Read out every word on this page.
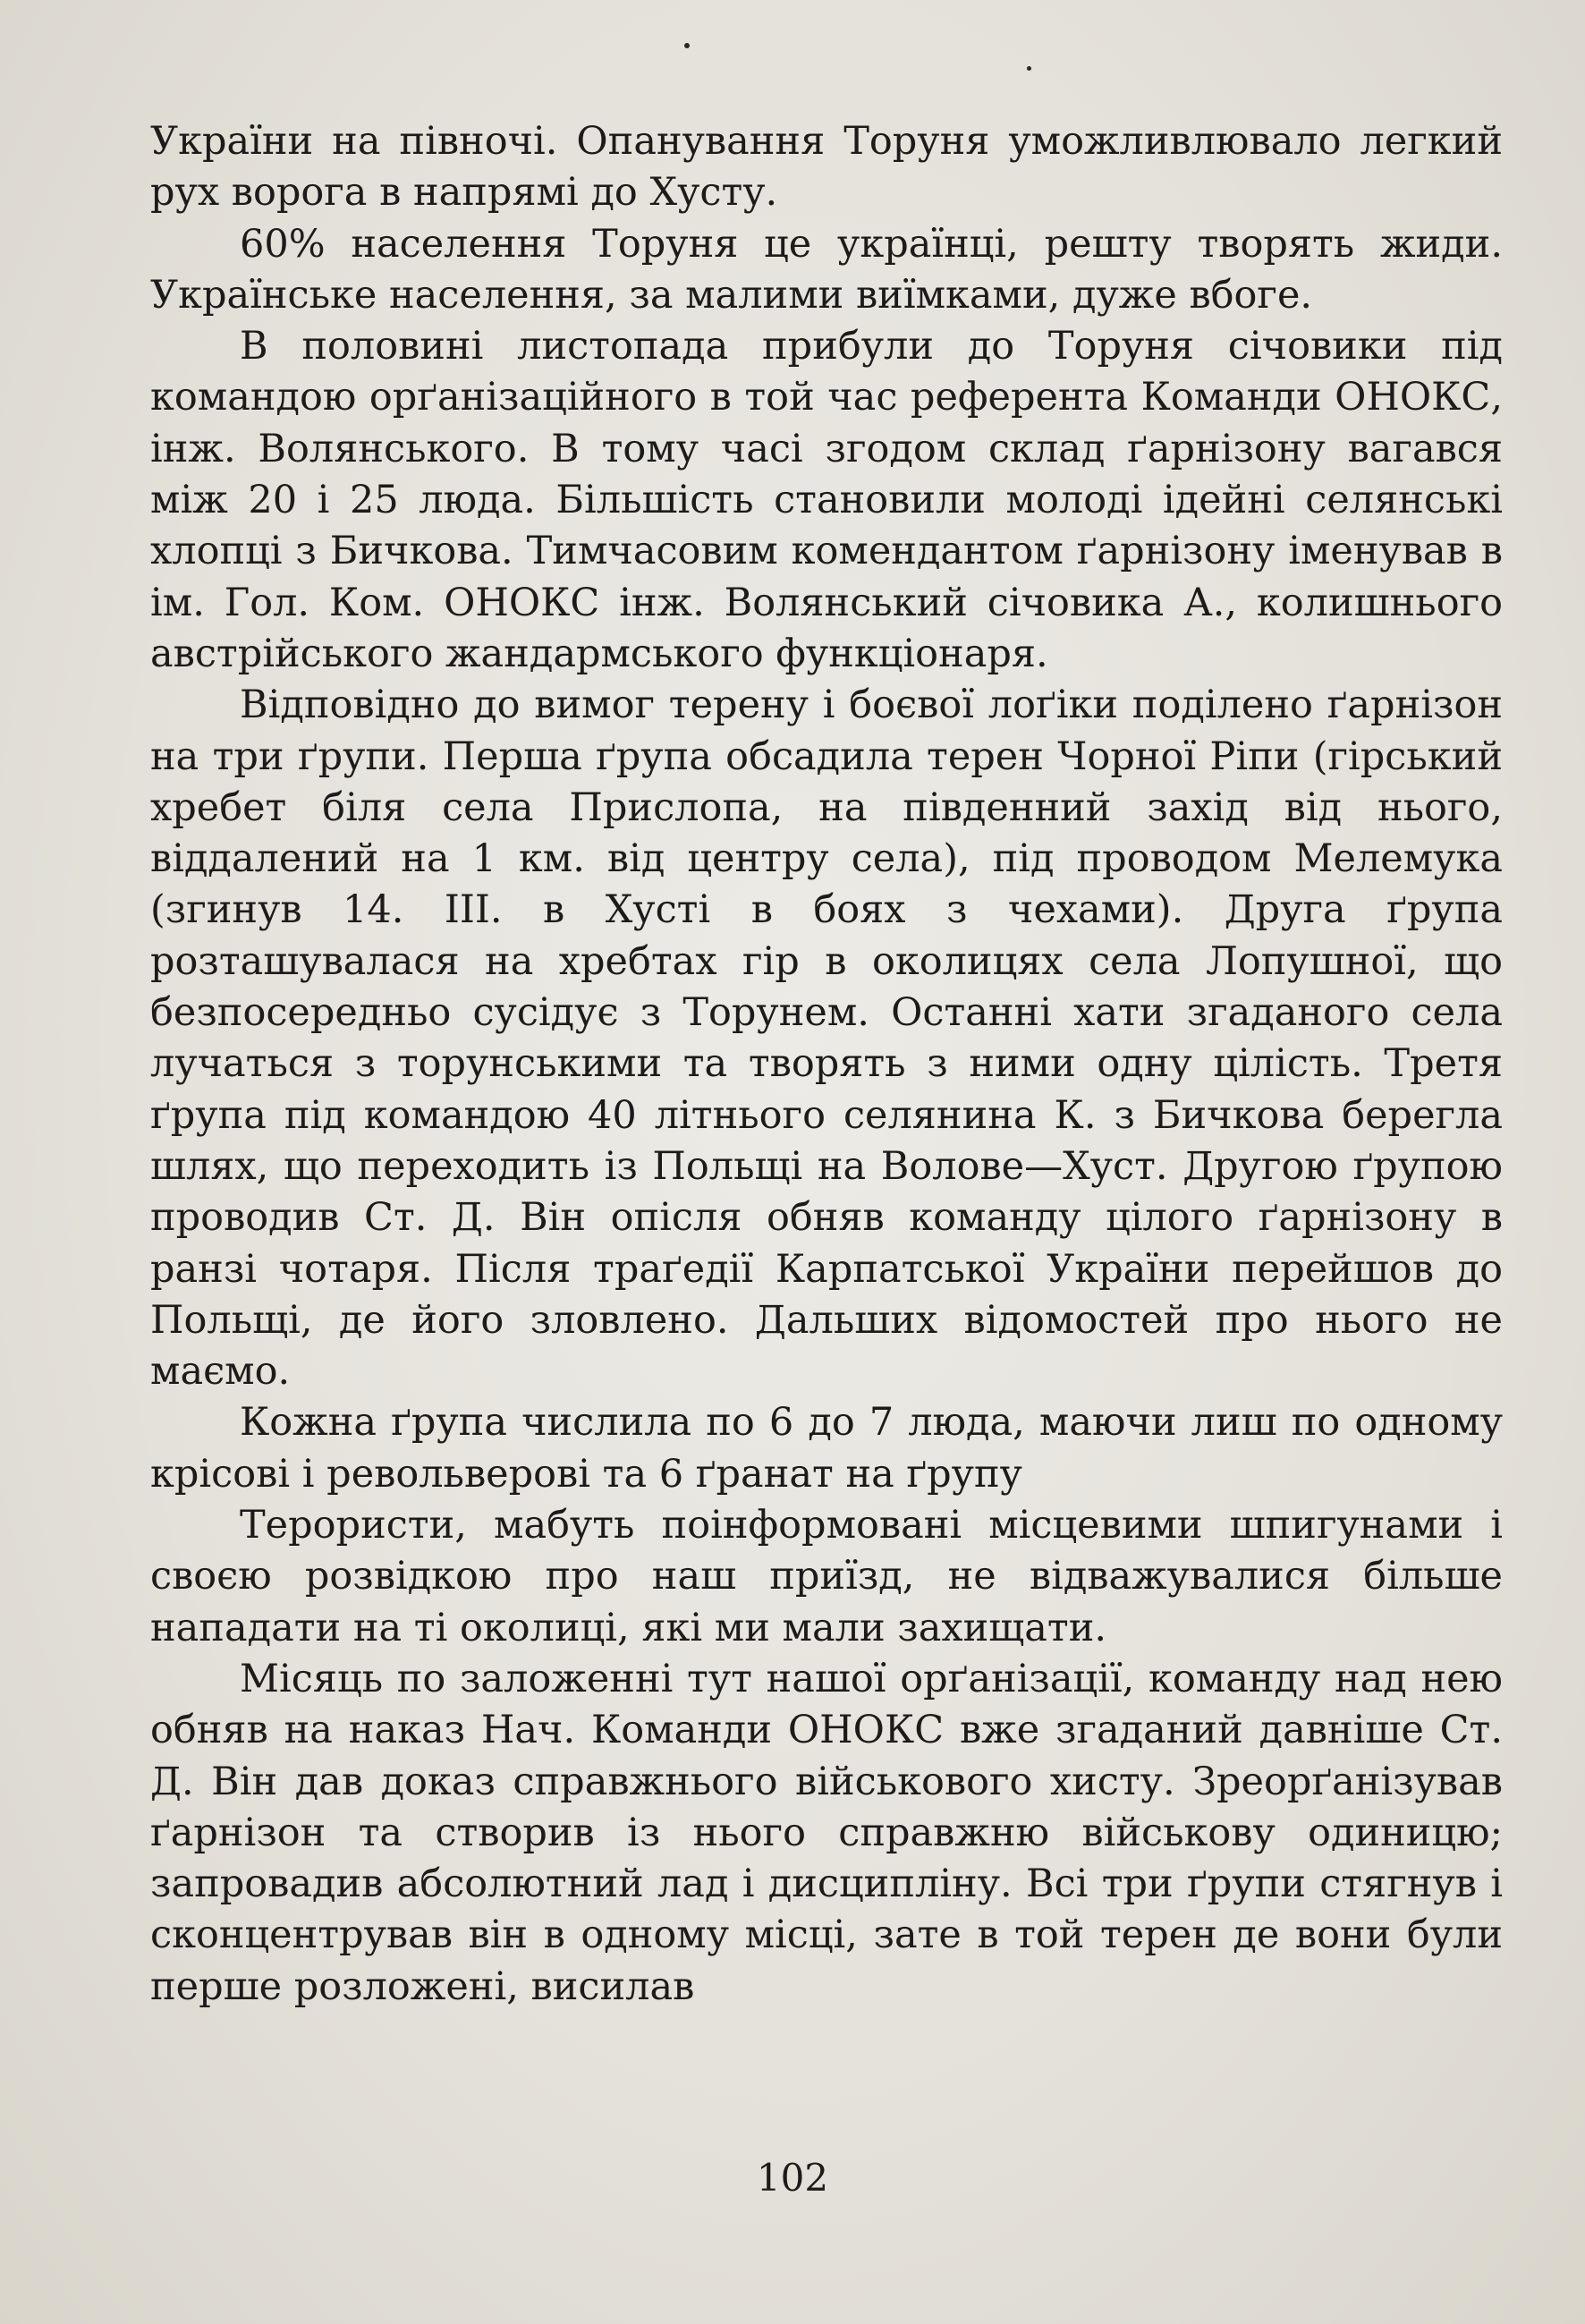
України на півночі. Опанування Торуня уможливлювало легкий рух ворога в напрямі до Хусту.

60% населення Торуня це українці, решту творять жиди. Українське населення, за малими виїмками, дуже вбоге.

В половині листопада прибули до Торуня січовики під командою орґанізаційного в той час референта Команди ОНОКС, інж. Волянського. В тому часі згодом склад ґарнізону вагався між 20 і 25 люда. Більшість становили молоді ідейні селянські хлопці з Бичкова. Тимчасовим комендантом ґарнізону іменував в ім. Гол. Ком. ОНОКС інж. Волянський січовика А., колишнього австрійського жандармського функціонаря.

Відповідно до вимог терену і боєвої лоґіки поділено ґарнізон на три ґрупи. Перша ґрупа обсадила терен Чорної Ріпи (гірський хребет біля села Прислопа, на південний захід від нього, віддалений на 1 км. від центру села), під проводом Мелемука (згинув 14. ІІІ. в Хусті в боях з чехами). Друга ґрупа розташувалася на хребтах гір в околицях села Лопушної, що безпосередньо сусідує з Торунем. Останні хати згаданого села лучаться з торунськими та творять з ними одну цілість. Третя ґрупа під командою 40 літнього селянина К. з Бичкова берегла шлях, що переходить із Польщі на Волове—Хуст. Другою ґрупою проводив Ст. Д. Він опісля обняв команду цілого ґарнізону в ранзі чотаря. Після траґедії Карпатської України перейшов до Польщі, де його зловлено. Дальших відомостей про нього не маємо.

Кожна ґрупа числила по 6 до 7 люда, маючи лиш по одному крісові і револьверові та 6 ґранат на ґрупу

Терористи, мабуть поінформовані місцевими шпигунами і своєю розвідкою про наш приїзд, не відважувалися більше нападати на ті околиці, які ми мали захищати.

Місяць по заложенні тут нашої орґанізації, команду над нею обняв на наказ Нач. Команди ОНОКС вже згаданий давніше Ст. Д. Він дав доказ справжнього військового хисту. Зреорґанізував ґарнізон та створив із нього справжню військову одиницю; запровадив абсолютний лад і дисципліну. Всі три ґрупи стягнув і сконцентрував він в одному місці, зате в той терен де вони були перше розложені, висилав

102
